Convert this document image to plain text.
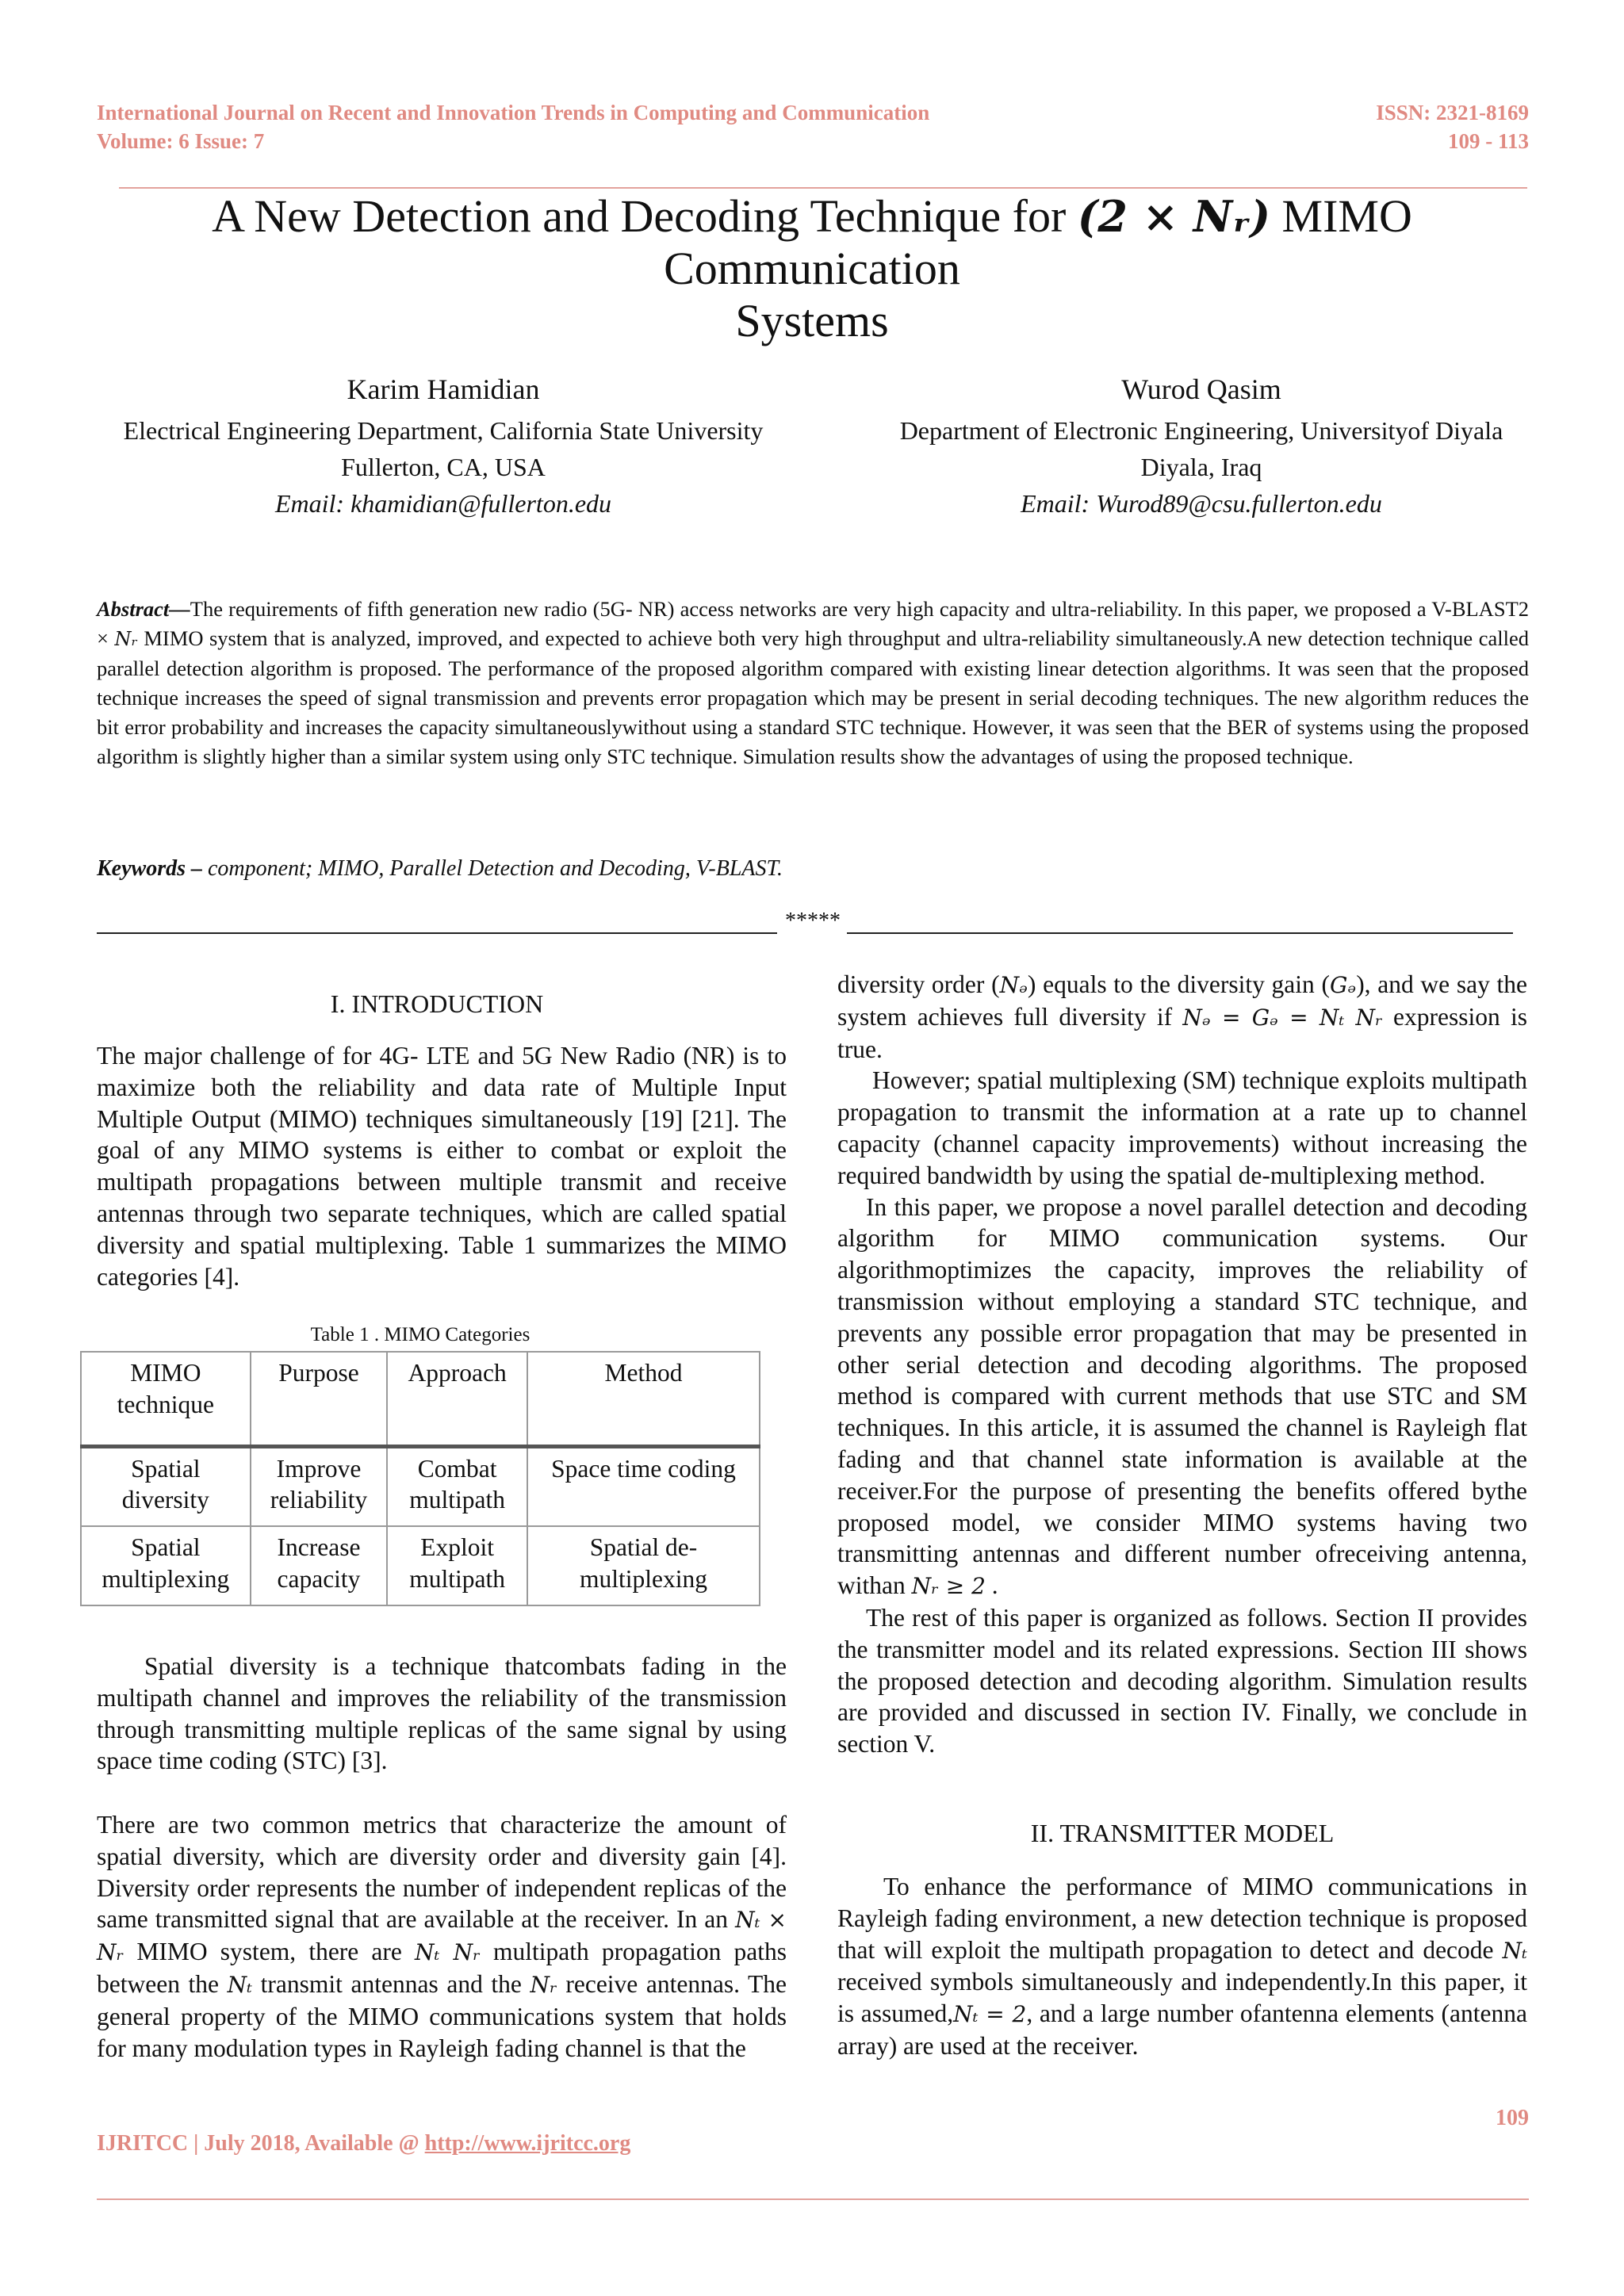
International Journal on Recent and Innovation Trends in Computing and Communication
Volume: 6 Issue: 7
ISSN: 2321-8169
109 - 113
A New Detection and Decoding Technique for (2 × Nᵣ) MIMO Communication
Systems
Karim Hamidian
Electrical Engineering Department, California State University
Fullerton, CA, USA
Email: khamidian@fullerton.edu
Wurod Qasim
Department of Electronic Engineering, Universityof Diyala
Diyala, Iraq
Email: Wurod89@csu.fullerton.edu
Abstract—The requirements of fifth generation new radio (5G- NR) access networks are very high capacity and ultra-reliability. In this paper, we proposed a V-BLAST2 × Nᵣ MIMO system that is analyzed, improved, and expected to achieve both very high throughput and ultra-reliability simultaneously.A new detection technique called parallel detection algorithm is proposed. The performance of the proposed algorithm compared with existing linear detection algorithms. It was seen that the proposed technique increases the speed of signal transmission and prevents error propagation which may be present in serial decoding techniques. The new algorithm reduces the bit error probability and increases the capacity simultaneouslywithout using a standard STC technique. However, it was seen that the BER of systems using the proposed algorithm is slightly higher than a similar system using only STC technique. Simulation results show the advantages of using the proposed technique.
Keywords – component; MIMO, Parallel Detection and Decoding, V-BLAST.
*****
I. INTRODUCTION

The major challenge of for 4G- LTE and 5G New Radio (NR) is to maximize both the reliability and data rate of Multiple Input Multiple Output (MIMO) techniques simultaneously [19] [21]. The goal of any MIMO systems is either to combat or exploit the multipath propagations between multiple transmit and receive antennas through two separate techniques, which are called spatial diversity and spatial multiplexing. Table 1 summarizes the MIMO categories [4].

Table 1 . MIMO Categories
MIMO technique	Purpose	Approach	Method
Spatial diversity	Improve reliability	Combat multipath	Space time coding
Spatial multiplexing	Increase capacity	Exploit multipath	Spatial de-multiplexing

Spatial diversity is a technique thatcombats fading in the multipath channel and improves the reliability of the transmission through transmitting multiple replicas of the same signal by using space time coding (STC) [3].

There are two common metrics that characterize the amount of spatial diversity, which are diversity order and diversity gain [4]. Diversity order represents the number of independent replicas of the same transmitted signal that are available at the receiver. In an Nₜ × Nᵣ MIMO system, there are Nₜ Nᵣ multipath propagation paths between the Nₜ transmit antennas and the Nᵣ receive antennas. The general property of the MIMO communications system that holds for many modulation types in Rayleigh fading channel is that the

diversity order (Nₔ) equals to the diversity gain (Gₔ), and we say the system achieves full diversity if Nₔ = Gₔ = Nₜ Nᵣ expression is true.

However; spatial multiplexing (SM) technique exploits multipath propagation to transmit the information at a rate up to channel capacity (channel capacity improvements) without increasing the required bandwidth by using the spatial de-multiplexing method.

In this paper, we propose a novel parallel detection and decoding algorithm for MIMO communication systems. Our algorithmoptimizes the capacity, improves the reliability of transmission without employing a standard STC technique, and prevents any possible error propagation that may be presented in other serial detection and decoding algorithms. The proposed method is compared with current methods that use STC and SM techniques. In this article, it is assumed the channel is Rayleigh flat fading and that channel state information is available at the receiver.For the purpose of presenting the benefits offered bythe proposed model, we consider MIMO systems having two transmitting antennas and different number ofreceiving antenna, withan Nᵣ ≥ 2 .

The rest of this paper is organized as follows. Section II provides the transmitter model and its related expressions. Section III shows the proposed detection and decoding algorithm. Simulation results are provided and discussed in section IV. Finally, we conclude in section V.

II. TRANSMITTER MODEL

To enhance the performance of MIMO communications in Rayleigh fading environment, a new detection technique is proposed that will exploit the multipath propagation to detect and decode Nₜ received symbols simultaneously and independently.In this paper, it is assumed,Nₜ = 2, and a large number ofantenna elements (antenna array) are used at the receiver.

109
IJRITCC | July 2018, Available @ http://www.ijritcc.org
